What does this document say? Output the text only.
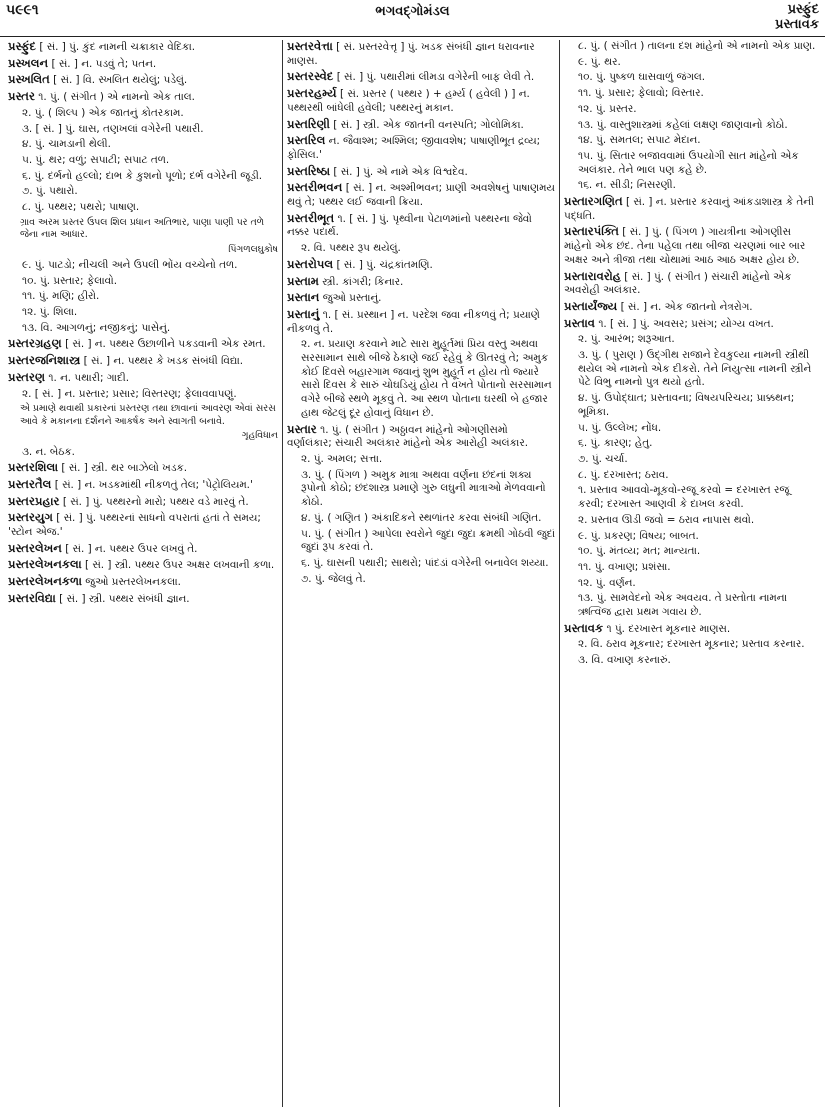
૫૯૯૧	ભગવદ્ગોમંડલ	પ્રસ્ફુંદ
પ્રસ્તાવક

પ્રસ્ફુંદ [ સં. ] પું. કુંદ નામની ચક્રાકાર વેદિકા.

પ્રસ્ખલન [ સં. ] ન. પડવું તે; પતન.

પ્રસ્ખલિત [ સં. ] વિ. સ્ખલિત થયેલું; પડેલું.

પ્રસ્તર ૧. પું. ( સંગીત ) એ નામનો એક તાલ.

૨. પું. ( શિલ્પ ) એક જાતનું કોતરકામ.

૩. [ સં. ] પું. ઘાસ, તણખલાં વગેરેની પથારી.

૪. પું. ચામડાની થેલી.

૫. પું. થર; વળું; સપાટી; સપાટ તળ.

૬. પું. દર્ભનો હલ્લો; દાભ કે કુશનો પૂળો; દર્ભ વગેરેની જૂડી.

૭. પું. પથારો.

૮. પું. પથ્થર; પથરો; પાષાણ.

ગ્રાવ અરમ પ્રસ્તર ઉપલ શિલ પ્રધાન અતિભાર, પાણા પાણી પર તળે જેના નામ આધાર.

પિંગળલઘુકોષ

૯. પું. પાટડો; નીચલી અને ઉપલી ભોંય વચ્ચેનો તળ.

૧૦. પું. પ્રસ્તાર; ફેલાવો.

૧૧. પું. મણિ; હીરો.

૧૨. પું. શિલા.

૧૩. વિ. આગળનું; નજીકનું; પાસેનું.

પ્રસ્તરગ્રહણ [ સં. ] ન. પથ્થર ઉછાળીને પકડવાની એક રમત.

પ્રસ્તરજનિશાસ્ત્ર [ સં. ] ન. પથ્થર કે ખડક સંબંધી વિદ્યા.

પ્રસ્તરણ ૧. ન. પથારી; ગાદી.

૨. [ સં. ] ન. પ્રસ્તાર; પ્રસાર; વિસ્તરણ; ફેલાવવાપણું.

એ પ્રમાણે થવાથી પ્રકારનાં પ્રસ્તરણ તથા છાવાનાં આવરણ એવાં સરસ આવે કે મકાનના દર્શનને આકર્ષક અને સ્વાગતી બનાવે.

ગૃહવિધાન

૩. ન. બેઠક.

પ્રસ્તરશિલા [ સં. ] સ્ત્રી. થર બાઝેલો ખડક.

પ્રસ્તરતૈલ [ સં. ] ન. ખડકમાંથી નીકળતું તેલ; 'પેટ્રોલિયમ.'

પ્રસ્તરપ્રહાર [ સં. ] પું. પથ્થરનો મારો; પથ્થર વડે મારવું તે.

પ્રસ્તરયુગ [ સં. ] પું. પથ્થરનાં સાધનો વપરાતાં હતાં તે સમય; 'સ્ટોન એજ.'

પ્રસ્તરલેખન [ સં. ] ન. પથ્થર ઉપર લખવું તે.

પ્રસ્તરલેખનકલા [ સં. ] સ્ત્રી. પથ્થર ઉપર અક્ષર લખવાની કળા.

પ્રસ્તરલેખનકળા જુઓ પ્રસ્તરલેખનકલા.

પ્રસ્તરવિદ્યા [ સં. ] સ્ત્રી. પથ્થર સંબંધી જ્ઞાન.

પ્રસ્તરવેત્તા [ સં. પ્રસ્તરવેત્તૃ ] પું. ખડક સંબંધી જ્ઞાન ધરાવનાર માણસ.

પ્રસ્તરસ્વેદ [ સં. ] પું. પથારીમાં લીમડા વગેરેની બાફ લેવી તે.

પ્રસ્તરહર્મ્ય [ સં. પ્રસ્તર ( પથ્થર ) + હર્મ્ય ( હવેલી ) ] ન. પથ્થરથી બાંધેલી હવેલી; પથ્થરનું મકાન.

પ્રસ્તરિણી [ સં. ] સ્ત્રી. એક જાતની વનસ્પતિ; ગોલોમિકા.

પ્રસ્તરિલ ન. જૈવાશ્મ; અશ્મિલ; જીવાવશેષ; પાષાણીભૂત દ્રવ્ય; ફોસિલ.'

પ્રસ્તરિષ્ઠા [ સં. ] પું. એ નામે એક વિશ્વદેવ.

પ્રસ્તરીભવન [ સં. ] ન. અશ્મીભવન; પ્રાણી અવશેષનું પાષાણમય થવું તે; પથ્થર લઈ જવાની ક્રિયા.

પ્રસ્તરીભૂત ૧. [ સં. ] પું. પૃથ્વીના પેટાળમાંનો પથ્થરના જેવો નક્કર પદાર્થ.

૨. વિ. પથ્થર રૂપ થયેલું.

પ્રસ્તરોપલ [ સં. ] પું. ચંદ્રકાંતમણિ.

પ્રસ્તામ સ્ત્રી. કાંગરી; કિનાર.

પ્રસ્તાન જુઓ પ્રસ્તાનું.

પ્રસ્તાનું ૧. [ સં. પ્રસ્થાન ] ન. પરદેશ જવા નીકળવું તે; પ્રયાણે નીકળવું તે.

૨. ન. પ્રયાણ કરવાને માટે સારા મુહૂર્તમાં પ્રિય વસ્તુ અથવા સરસામાન સાથે બીજે ઠેકાણે જઈ રહેવું કે ઊતરવું તે; અમુક કોઈ દિવસે બહારગામ જવાનું શુભ મુહૂર્ત ન હોય તો જ્યારે સારો દિવસ કે સારું ચોઘડિયું હોય તે વખતે પોતાનો સરસામાન વગેરે બીજે સ્થળે મૂકવું તે. આ સ્થળ પોતાના ઘરથી બે હજાર હાથ જેટલું દૂર હોવાનું વિધાન છે.

પ્રસ્તાર ૧. પું. ( સંગીત ) અઠ્ઠાવન માંહેનો ઓગણીસમો વર્ણાલંકાર; સંચારી અલંકાર માંહેનો એક આરોહી અલંકાર.

૨. પું. અમલ; સત્તા.

૩. પું. ( પિંગળ ) અમુક માત્રા અથવા વર્ણના છંદનાં શક્ય રૂપોનો કોઠો; છંદશાસ્ત્ર પ્રમાણે ગુરુ લઘુની માત્રાઓ મેળવવાનો કોઠો.

૪. પું. ( ગણિત ) અંકાદિકને સ્થળાંતર કરવા સંબંધી ગણિત.

૫. પું. ( સંગીત ) આપેલા સ્વરોને જુદા જુદા ક્રમથી ગોઠવી જુદાં જુદાં રૂપ કરવાં તે.

૬. પું. ઘાસની પથારી; સાથરો; પાંદડાં વગેરેની બનાવેલ શય્યા.

૭. પું. જેલવું તે.

૮. પું. ( સંગીત ) તાલના દશ માંહેનો એ નામનો એક પ્રાણ.

૯. પું. થર.

૧૦. પું. પુષ્કળ ઘાસવાળું જંગલ.

૧૧. પું. પ્રસાર; ફેલાવો; વિસ્તાર.

૧૨. પું. પ્રસ્તર.

૧૩. પું. વાસ્તુશાસ્ત્રમાં કહેલાં લક્ષણ જાણવાનો કોઠો.

૧૪. પું. સમતલ; સપાટ મેદાન.

૧૫. પું. સિતાર બજાવવામાં ઉપયોગી સાત માંહેનો એક અલંકાર. તેને ભાલ પણ કહે છે.

૧૬. ન. સીડી; નિસરણી.

પ્રસ્તારગણિત [ સં. ] ન. પ્રસ્તાર કરવાનું આંકડાશાસ્ત્ર કે તેની પદ્ધતિ.

પ્રસ્તારપંક્તિ [ સં. ] પું. ( પિંગળ ) ગાયત્રીના ઓગણીસ માંહેનો એક છંદ. તેના પહેલા તથા બીજા ચરણમાં બાર બાર અક્ષર અને ત્રીજા તથા ચોથામાં આઠ આઠ અક્ષર હોય છે.

પ્રસ્તારાવરોહ [ સં. ] પું. ( સંગીત ) સંચારી માંહેનો એક અવરોહી અલંકાર.

પ્રસ્તાર્યંજ્ય [ સં. ] ન. એક જાતનો નેત્રરોગ.

પ્રસ્તાવ ૧. [ સં. ] પું. અવસર; પ્રસંગ; યોગ્ય વખત.

૨. પું. આરંભ; શરૂઆત.

૩. પું. ( પુરાણ ) ઉદ્ગીથ રાજાને દેવકુલ્યા નામની સ્ત્રીથી થયેલ એ નામનો એક દીકરો. તેને નિયુત્સા નામની સ્ત્રીને પેટે વિભુ નામનો પુત્ર થયો હતો.

૪. પું. ઉપોદ્ઘાત; પ્રસ્તાવના; વિષયપરિચય; પ્રાક્કથન; ભૂમિકા.

૫. પું. ઉલ્લેખ; નોંધ.

૬. પું. કારણ; હેતુ.

૭. પું. ચર્ચા.

૮. પું. દરખાસ્ત; ઠરાવ.

૧. પ્રસ્તાવ આવવો-મૂકવો-રજૂ કરવો = દરખાસ્ત રજૂ કરવી; દરખાસ્ત આણવી કે દાખલ કરવી.

૨. પ્રસ્તાવ ઊડી જવો = ઠરાવ નાપાસ થવો.

૯. પું. પ્રકરણ; વિષય; બાબત.

૧૦. પું. મંતવ્ય; મત; માન્યતા.

૧૧. પું. વખાણ; પ્રશંસા.

૧૨. પું. વર્ણન.

૧૩. પું. સામવેદનો એક અવયવ. તે પ્રસ્તોતા નામના ઋત્વિજ દ્વારા પ્રથમ ગવાય છે.

પ્રસ્તાવક ૧ પું. દરખાસ્ત મૂકનાર માણસ.

૨. વિ. ઠરાવ મૂકનાર; દરખાસ્ત મૂકનાર; પ્રસ્તાવ કરનાર.

૩. વિ. વખાણ કરનારું.
